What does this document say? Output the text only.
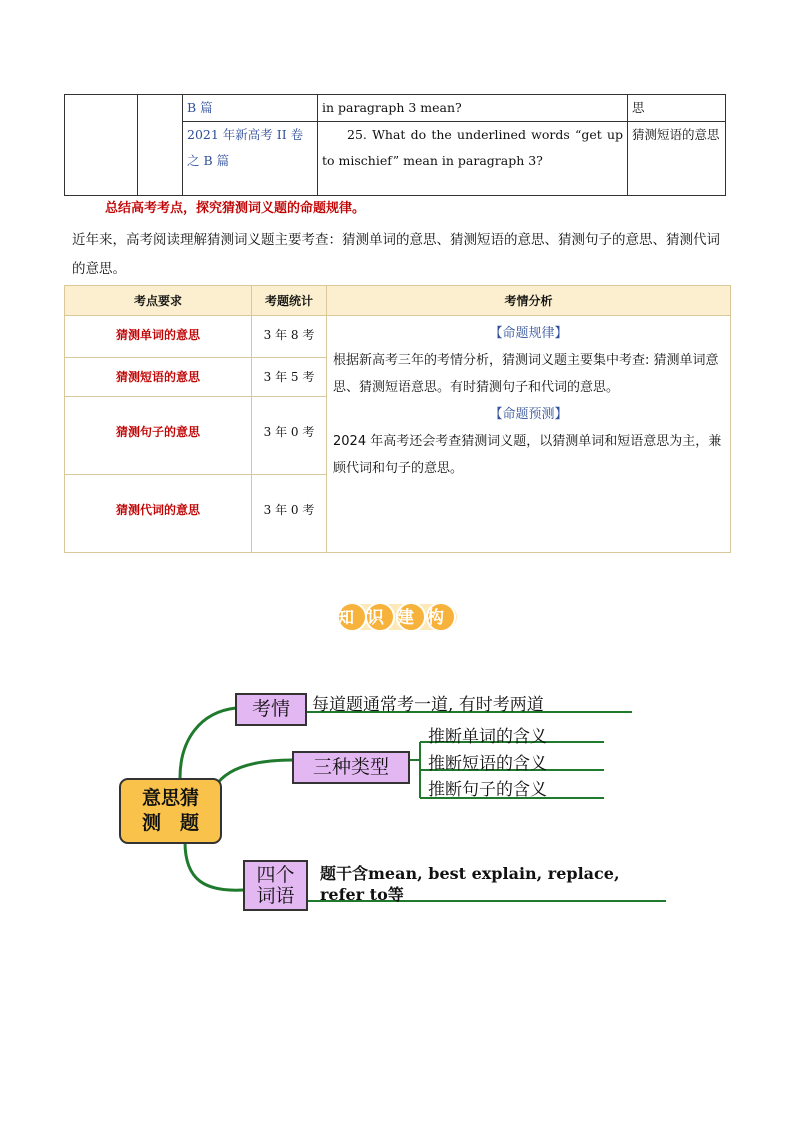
		B 篇	in paragraph 3 mean?	思
		2021 年新高考 II 卷之 B 篇	25. What do the underlined words “get up to mischief” mean in paragraph 3?	猜测短语的意思
总结高考考点，探究猜测词义题的命题规律。
近年来，高考阅读理解猜测词义题主要考查：猜测单词的意思、猜测短语的意思、猜测句子的意思、猜测代词的意思。
考点要求	考题统计	考情分析
猜测单词的意思	3 年 8 考	【命题规律】
根据新高考三年的考情分析，猜测词义题主要集中考查: 猜测单词意思、猜测短语意思。有时猜测句子和代词的意思。
【命题预测】
2024 年高考还会考查猜测词义题，以猜测单词和短语意思为主，兼顾代词和句子的意思。

猜测短语的意思	3 年 5 考	
猜测句子的意思	3 年 0 考	
猜测代词的意思	3 年 0 考	
知识建构
意思猜
测　题
考情	每道题通常考一道, 有时考两道
三种类型
推断单词的含义
推断短语的含义
推断句子的含义
四个
词语
题干含mean, best explain, replace,
refer to等
